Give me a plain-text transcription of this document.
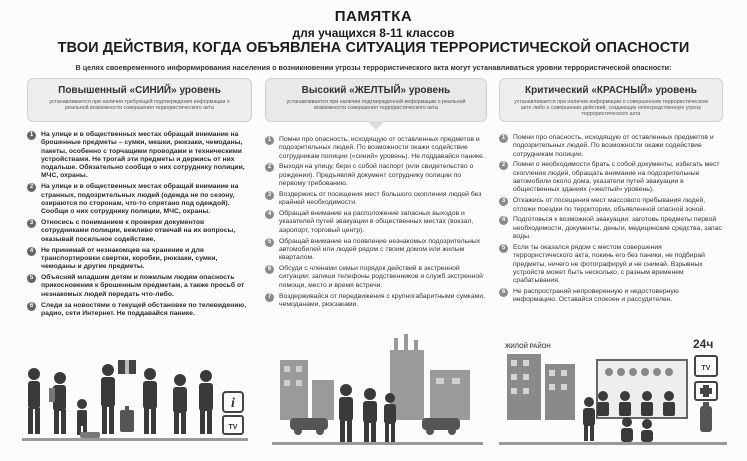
ПАМЯТКА
для учащихся 8-11 классов
ТВОИ ДЕЙСТВИЯ, КОГДА ОБЪЯВЛЕНА СИТУАЦИЯ ТЕРРОРИСТИЧЕСКОЙ ОПАСНОСТИ
В целях своевременного информирования населения о возникновении угрозы террористического акта могут устанавливаться уровни террористической опасности:
Повышенный «СИНИЙ» уровень
устанавливается при наличии требующей подтверждения информации о реальной возможности совершения террористического акта
1	На улице и в общественных местах обращай внимание на брошенные предметы – сумки, мешки, рюкзаки, чемоданы, пакеты, особенно с торчащими проводами и техническими устройствами. Не трогай эти предметы и держись от них подальше. Обязательно сообщи о них сотруднику полиции, МЧС, охраны.
2	На улице и в общественных местах обращай внимание на странных, подозрительных людей (одежда не по сезону, озираются по сторонам, что-то спрятано под одеждой). Сообщи о них сотруднику полиции, МЧС, охраны.
3	Относись с пониманием к проверке документов сотрудниками полиции, вежливо отвечай на их вопросы, оказывай посильное содействие.
4	Не принимай от незнакомцев на хранение и для транспортировки свертки, коробки, рюкзаки, сумки, чемоданы и другие предметы.
5	Объясняй младшим детям и пожилым людям опасность прикосновения к брошенным предметам, а также просьб от незнакомых людей передать что-либо.
6	Следи за новостями о текущей обстановке по телевидению, радио, сети Интернет. Не поддавайся панике.
Высокий «ЖЕЛТЫЙ» уровень
устанавливается при наличии подтвержденной информации о реальной возможности совершения террористического акта
1	Помни про опасность, исходящую от оставленных предметов и подозрительных людей. По возможности окажи содействие сотрудникам полиции («синий» уровень). Не поддавайся панике.
2	Выходя на улицу, бери с собой паспорт (или свидетельство о рождении). Предъявляй документ сотруднику полиции по первому требованию.
3	Воздержись от посещения мест большого скопления людей без крайней необходимости.
4	Обращай внимание на расположение запасных выходов и указателей путей эвакуации в общественных местах (вокзал, аэропорт, торговый центр).
5	Обращай внимание на появление незнакомых подозрительных автомобилей или людей рядом с твоим домом или жилым кварталом.
6	Обсуди с членами семьи порядок действий в экстренной ситуации: запиши телефоны родственников и служб экстренной помощи, место и время встречи.
7	Воздерживайся от передвижения с крупногабаритными сумками, чемоданами, рюкзаками.
Критический «КРАСНЫЙ» уровень
устанавливается при наличии информации о совершенном террористическом акте либо о совершении действий, создающих непосредственную угрозу террористического акта
1	Помни про опасность, исходящую от оставленных предметов и подозрительных людей. По возможности окажи содействие сотрудникам полиции.
2	Помни о необходимости брать с собой документы, избегать мест скопления людей, обращать внимание на подозрительные автомобили около дома, указатели путей эвакуации в общественных зданиях («желтый» уровень).
3	Откажись от посещения мест массового пребывания людей, отложи поездки по территории, объявленной опасной зоной.
4	Подготовься к возможной эвакуации: заготовь предметы первой необходимости, документы, деньги, медицинские средства, запас воды.
5	Если ты оказался рядом с местом совершения террористического акта, покинь его без паники, не подбирай предметы, ничего не фотографируй и не снимай. Взрывных устройств может быть несколько, с разным временем срабатывания.
6	Не распространяй непроверенную и недостоверную информацию. Оставайся спокоен и рассудителен.
i
TV
ЖИЛОЙ РАЙОН	24ч
TV
